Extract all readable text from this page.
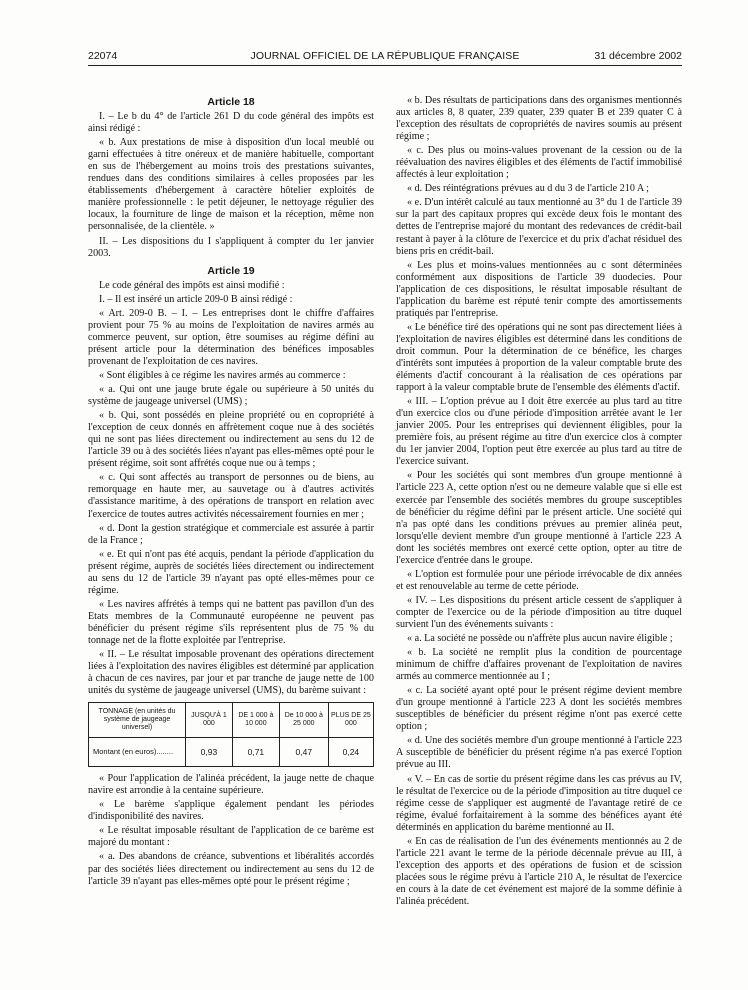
22074	JOURNAL OFFICIEL DE LA RÉPUBLIQUE FRANÇAISE	31 décembre 2002
Article 18

I. – Le b du 4° de l'article 261 D du code général des impôts est ainsi rédigé :

« b. Aux prestations de mise à disposition d'un local meublé ou garni effectuées à titre onéreux et de manière habituelle, comportant en sus de l'hébergement au moins trois des prestations suivantes, rendues dans des conditions similaires à celles proposées par les établissements d'hébergement à caractère hôtelier exploités de manière professionnelle : le petit déjeuner, le nettoyage régulier des locaux, la fourniture de linge de maison et la réception, même non personnalisée, de la clientèle. »

II. – Les dispositions du I s'appliquent à compter du 1er janvier 2003.

Article 19

Le code général des impôts est ainsi modifié :

I. – Il est inséré un article 209-0 B ainsi rédigé :

« Art. 209-0 B. – I. – Les entreprises dont le chiffre d'affaires provient pour 75 % au moins de l'exploitation de navires armés au commerce peuvent, sur option, être soumises au régime défini au présent article pour la détermination des bénéfices imposables provenant de l'exploitation de ces navires.

« Sont éligibles à ce régime les navires armés au commerce :

« a. Qui ont une jauge brute égale ou supérieure à 50 unités du système de jaugeage universel (UMS) ;

« b. Qui, sont possédés en pleine propriété ou en copropriété à l'exception de ceux donnés en affrètement coque nue à des sociétés qui ne sont pas liées directement ou indirectement au sens du 12 de l'article 39 ou à des sociétés liées n'ayant pas elles-mêmes opté pour le présent régime, soit sont affrétés coque nue ou à temps ;

« c. Qui sont affectés au transport de personnes ou de biens, au remorquage en haute mer, au sauvetage ou à d'autres activités d'assistance maritime, à des opérations de transport en relation avec l'exercice de toutes autres activités nécessairement fournies en mer ;

« d. Dont la gestion stratégique et commerciale est assurée à partir de la France ;

« e. Et qui n'ont pas été acquis, pendant la période d'application du présent régime, auprès de sociétés liées directement ou indirectement au sens du 12 de l'article 39 n'ayant pas opté elles-mêmes pour ce régime.

« Les navires affrétés à temps qui ne battent pas pavillon d'un des Etats membres de la Communauté européenne ne peuvent pas bénéficier du présent régime s'ils représentent plus de 75 % du tonnage net de la flotte exploitée par l'entreprise.

« II. – Le résultat imposable provenant des opérations directement liées à l'exploitation des navires éligibles est déterminé par application à chacun de ces navires, par jour et par tranche de jauge nette de 100 unités du système de jaugeage universel (UMS), du barème suivant :

TONNAGE (en unités du système de jaugeage universel)	JUSQU'À 1 000	DE 1 000 à 10 000	De 10 000 à 25 000	PLUS DE 25 000
Montant (en euros)........	0,93	0,71	0,47	0,24

« Pour l'application de l'alinéa précédent, la jauge nette de chaque navire est arrondie à la centaine supérieure.

« Le barème s'applique également pendant les périodes d'indisponibilité des navires.

« Le résultat imposable résultant de l'application de ce barème est majoré du montant :

« a. Des abandons de créance, subventions et libéralités accordés par des sociétés liées directement ou indirectement au sens du 12 de l'article 39 n'ayant pas elles-mêmes opté pour le présent régime ;

« b. Des résultats de participations dans des organismes mentionnés aux articles 8, 8 quater, 239 quater, 239 quater B et 239 quater C à l'exception des résultats de copropriétés de navires soumis au présent régime ;

« c. Des plus ou moins-values provenant de la cession ou de la réévaluation des navires éligibles et des éléments de l'actif immobilisé affectés à leur exploitation ;

« d. Des réintégrations prévues au d du 3 de l'article 210 A ;

« e. D'un intérêt calculé au taux mentionné au 3° du 1 de l'article 39 sur la part des capitaux propres qui excède deux fois le montant des dettes de l'entreprise majoré du montant des redevances de crédit-bail restant à payer à la clôture de l'exercice et du prix d'achat résiduel des biens pris en crédit-bail.

« Les plus et moins-values mentionnées au c sont déterminées conformément aux dispositions de l'article 39 duodecies. Pour l'application de ces dispositions, le résultat imposable résultant de l'application du barème est réputé tenir compte des amortissements pratiqués par l'entreprise.

« Le bénéfice tiré des opérations qui ne sont pas directement liées à l'exploitation de navires éligibles est déterminé dans les conditions de droit commun. Pour la détermination de ce bénéfice, les charges d'intérêts sont imputées à proportion de la valeur comptable brute des éléments d'actif concourant à la réalisation de ces opérations par rapport à la valeur comptable brute de l'ensemble des éléments d'actif.

« III. – L'option prévue au I doit être exercée au plus tard au titre d'un exercice clos ou d'une période d'imposition arrêtée avant le 1er janvier 2005. Pour les entreprises qui deviennent éligibles, pour la première fois, au présent régime au titre d'un exercice clos à compter du 1er janvier 2004, l'option peut être exercée au plus tard au titre de l'exercice suivant.

« Pour les sociétés qui sont membres d'un groupe mentionné à l'article 223 A, cette option n'est ou ne demeure valable que si elle est exercée par l'ensemble des sociétés membres du groupe susceptibles de bénéficier du régime défini par le présent article. Une société qui n'a pas opté dans les conditions prévues au premier alinéa peut, lorsqu'elle devient membre d'un groupe mentionné à l'article 223 A dont les sociétés membres ont exercé cette option, opter au titre de l'exercice d'entrée dans le groupe.

« L'option est formulée pour une période irrévocable de dix années et est renouvelable au terme de cette période.

« IV. – Les dispositions du présent article cessent de s'appliquer à compter de l'exercice ou de la période d'imposition au titre duquel survient l'un des événements suivants :

« a. La société ne possède ou n'affrète plus aucun navire éligible ;

« b. La société ne remplit plus la condition de pourcentage minimum de chiffre d'affaires provenant de l'exploitation de navires armés au commerce mentionnée au I ;

« c. La société ayant opté pour le présent régime devient membre d'un groupe mentionné à l'article 223 A dont les sociétés membres susceptibles de bénéficier du présent régime n'ont pas exercé cette option ;

« d. Une des sociétés membre d'un groupe mentionné à l'article 223 A susceptible de bénéficier du présent régime n'a pas exercé l'option prévue au III.

« V. – En cas de sortie du présent régime dans les cas prévus au IV, le résultat de l'exercice ou de la période d'imposition au titre duquel ce régime cesse de s'appliquer est augmenté de l'avantage retiré de ce régime, évalué forfaitairement à la somme des bénéfices ayant été déterminés en application du barème mentionné au II.

« En cas de réalisation de l'un des événements mentionnés au 2 de l'article 221 avant le terme de la période décennale prévue au III, à l'exception des apports et des opérations de fusion et de scission placées sous le régime prévu à l'article 210 A, le résultat de l'exercice en cours à la date de cet événement est majoré de la somme définie à l'alinéa précédent.
